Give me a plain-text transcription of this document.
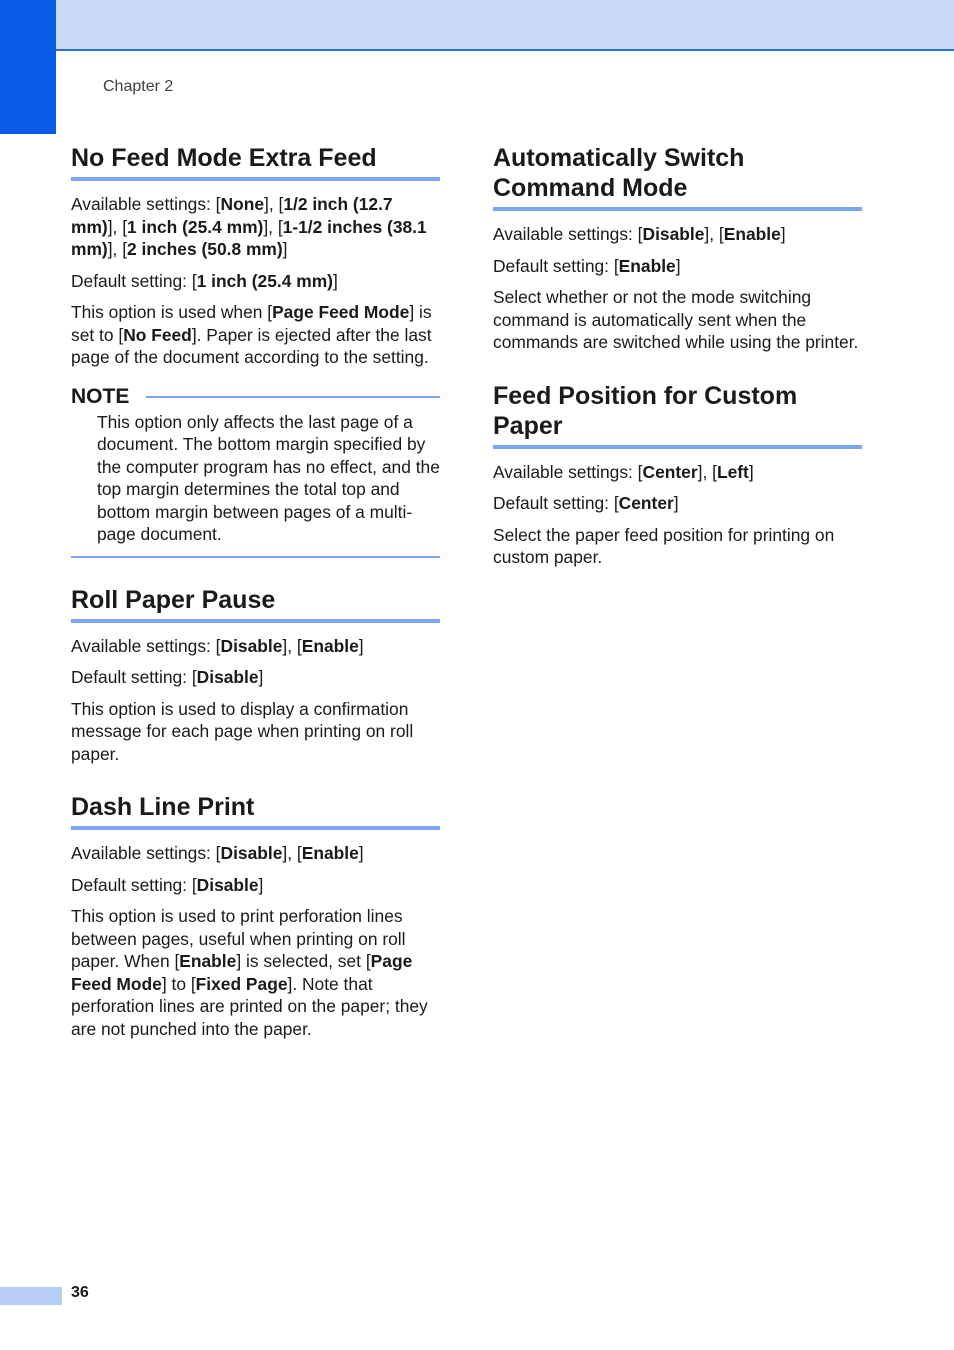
Chapter 2
No Feed Mode Extra Feed

Available settings: [None], [1/2 inch (12.7 mm)], [1 inch (25.4 mm)], [1-1/2 inches (38.1 mm)], [2 inches (50.8 mm)]

Default setting: [1 inch (25.4 mm)]

This option is used when [Page Feed Mode] is set to [No Feed]. Paper is ejected after the last page of the document according to the setting.

NOTE

This option only affects the last page of a document. The bottom margin specified by the computer program has no effect, and the top margin determines the total top and bottom margin between pages of a multi-page document.

Roll Paper Pause

Available settings: [Disable], [Enable]

Default setting: [Disable]

This option is used to display a confirmation message for each page when printing on roll paper.

Dash Line Print

Available settings: [Disable], [Enable]

Default setting: [Disable]

This option is used to print perforation lines between pages, useful when printing on roll paper. When [Enable] is selected, set [Page Feed Mode] to [Fixed Page]. Note that perforation lines are printed on the paper; they are not punched into the paper.

Automatically Switch Command Mode

Available settings: [Disable], [Enable]

Default setting: [Enable]

Select whether or not the mode switching command is automatically sent when the commands are switched while using the printer.

Feed Position for Custom Paper

Available settings: [Center], [Left]

Default setting: [Center]

Select the paper feed position for printing on custom paper.

36
